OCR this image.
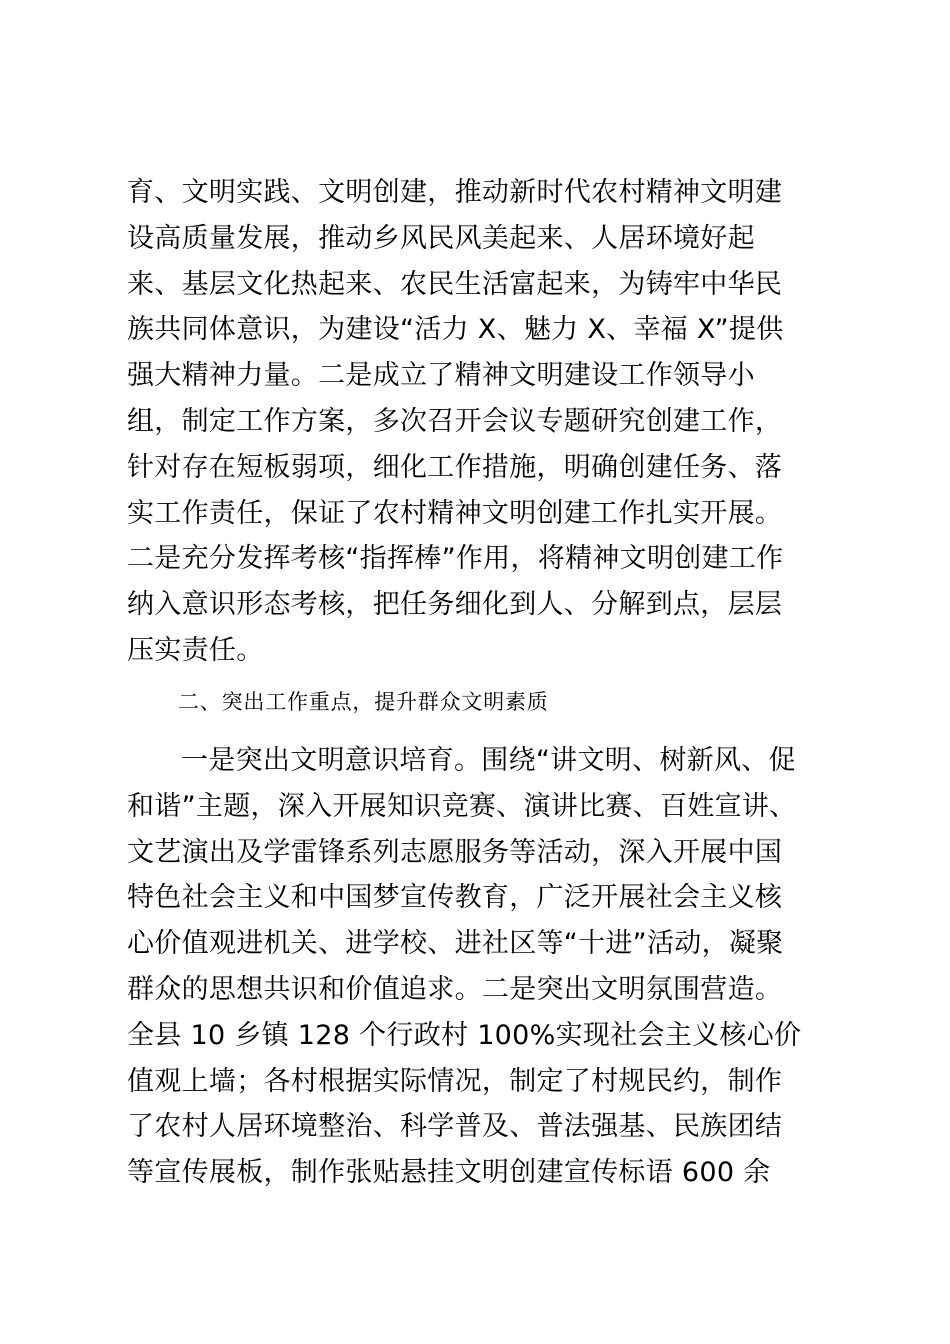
育、文明实践、文明创建，推动新时代农村精神文明建
设高质量发展，推动乡风民风美起来、人居环境好起
来、基层文化热起来、农民生活富起来，为铸牢中华民
族共同体意识，为建设“活力 X、魅力 X、幸福 X”提供
强大精神力量。二是成立了精神文明建设工作领导小
组，制定工作方案，多次召开会议专题研究创建工作，
针对存在短板弱项，细化工作措施，明确创建任务、落
实工作责任，保证了农村精神文明创建工作扎实开展。
二是充分发挥考核“指挥棒”作用，将精神文明创建工作
纳入意识形态考核，把任务细化到人、分解到点，层层
压实责任。
二、突出工作重点，提升群众文明素质
一是突出文明意识培育。围绕“讲文明、树新风、促
和谐”主题，深入开展知识竞赛、演讲比赛、百姓宣讲、
文艺演出及学雷锋系列志愿服务等活动，深入开展中国
特色社会主义和中国梦宣传教育，广泛开展社会主义核
心价值观进机关、进学校、进社区等“十进”活动，凝聚
群众的思想共识和价值追求。二是突出文明氛围营造。
全县 10 乡镇 128 个行政村 100%实现社会主义核心价
值观上墙；各村根据实际情况，制定了村规民约，制作
了农村人居环境整治、科学普及、普法强基、民族团结
等宣传展板，制作张贴悬挂文明创建宣传标语 600 余
